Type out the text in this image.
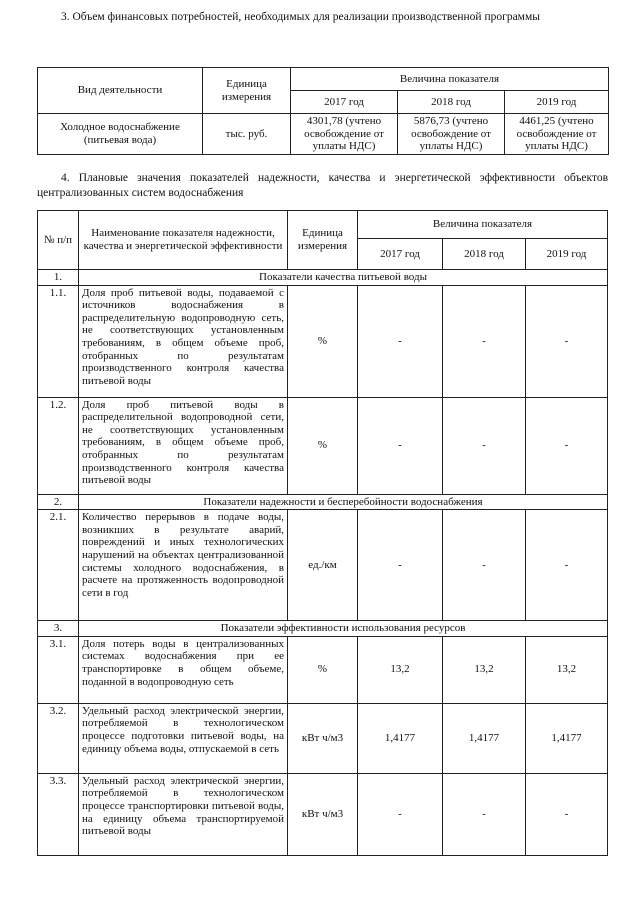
3. Объем финансовых потребностей, необходимых для реализации производственной программы

Вид деятельности	Единица измерения	Величина показателя		
		2017 год	2018 год	2019 год
Холодное водоснабжение (питьевая вода)	тыс. руб.	4301,78 (учтено освобождение от уплаты НДС)	5876,73 (учтено освобождение от уплаты НДС)	4461,25 (учтено освобождение от уплаты НДС)

4. Плановые значения показателей надежности, качества и энергетической эффективности объектов централизованных систем водоснабжения

№ п/п	Наименование показателя надежности, качества и энергетической эффективности	Единица измерения	Величина показателя		
			2017 год	2018 год	2019 год
1.	Показатели качества питьевой воды				
1.1.	Доля проб питьевой воды, подаваемой с источников водоснабжения в распределительную водопроводную сеть, не соответствующих установленным требованиям, в общем объеме проб, отобранных по результатам производственного контроля качества питьевой воды	%	-	-	-
1.2.	Доля проб питьевой воды в распределительной водопроводной сети, не соответствующих установленным требованиям, в общем объеме проб, отобранных по результатам производственного контроля качества питьевой воды	%	-	-	-
2.	Показатели надежности и бесперебойности водоснабжения				
2.1.	Количество перерывов в подаче воды, возникших в результате аварий, повреждений и иных технологических нарушений на объектах централизованной системы холодного водоснабжения, в расчете на протяженность водопроводной сети в год	ед./км	-	-	-
3.	Показатели эффективности использования ресурсов				
3.1.	Доля потерь воды в централизованных системах водоснабжения при ее транспортировке в общем объеме, поданной в водопроводную сеть	%	13,2	13,2	13,2
3.2.	Удельный расход электрической энергии, потребляемой в технологическом процессе подготовки питьевой воды, на единицу объема воды, отпускаемой в сеть	кВт ч/м3	1,4177	1,4177	1,4177
3.3.	Удельный расход электрической энергии, потребляемой в технологическом процессе транспортировки питьевой воды, на единицу объема транспортируемой питьевой воды	кВт ч/м3	-	-	-
